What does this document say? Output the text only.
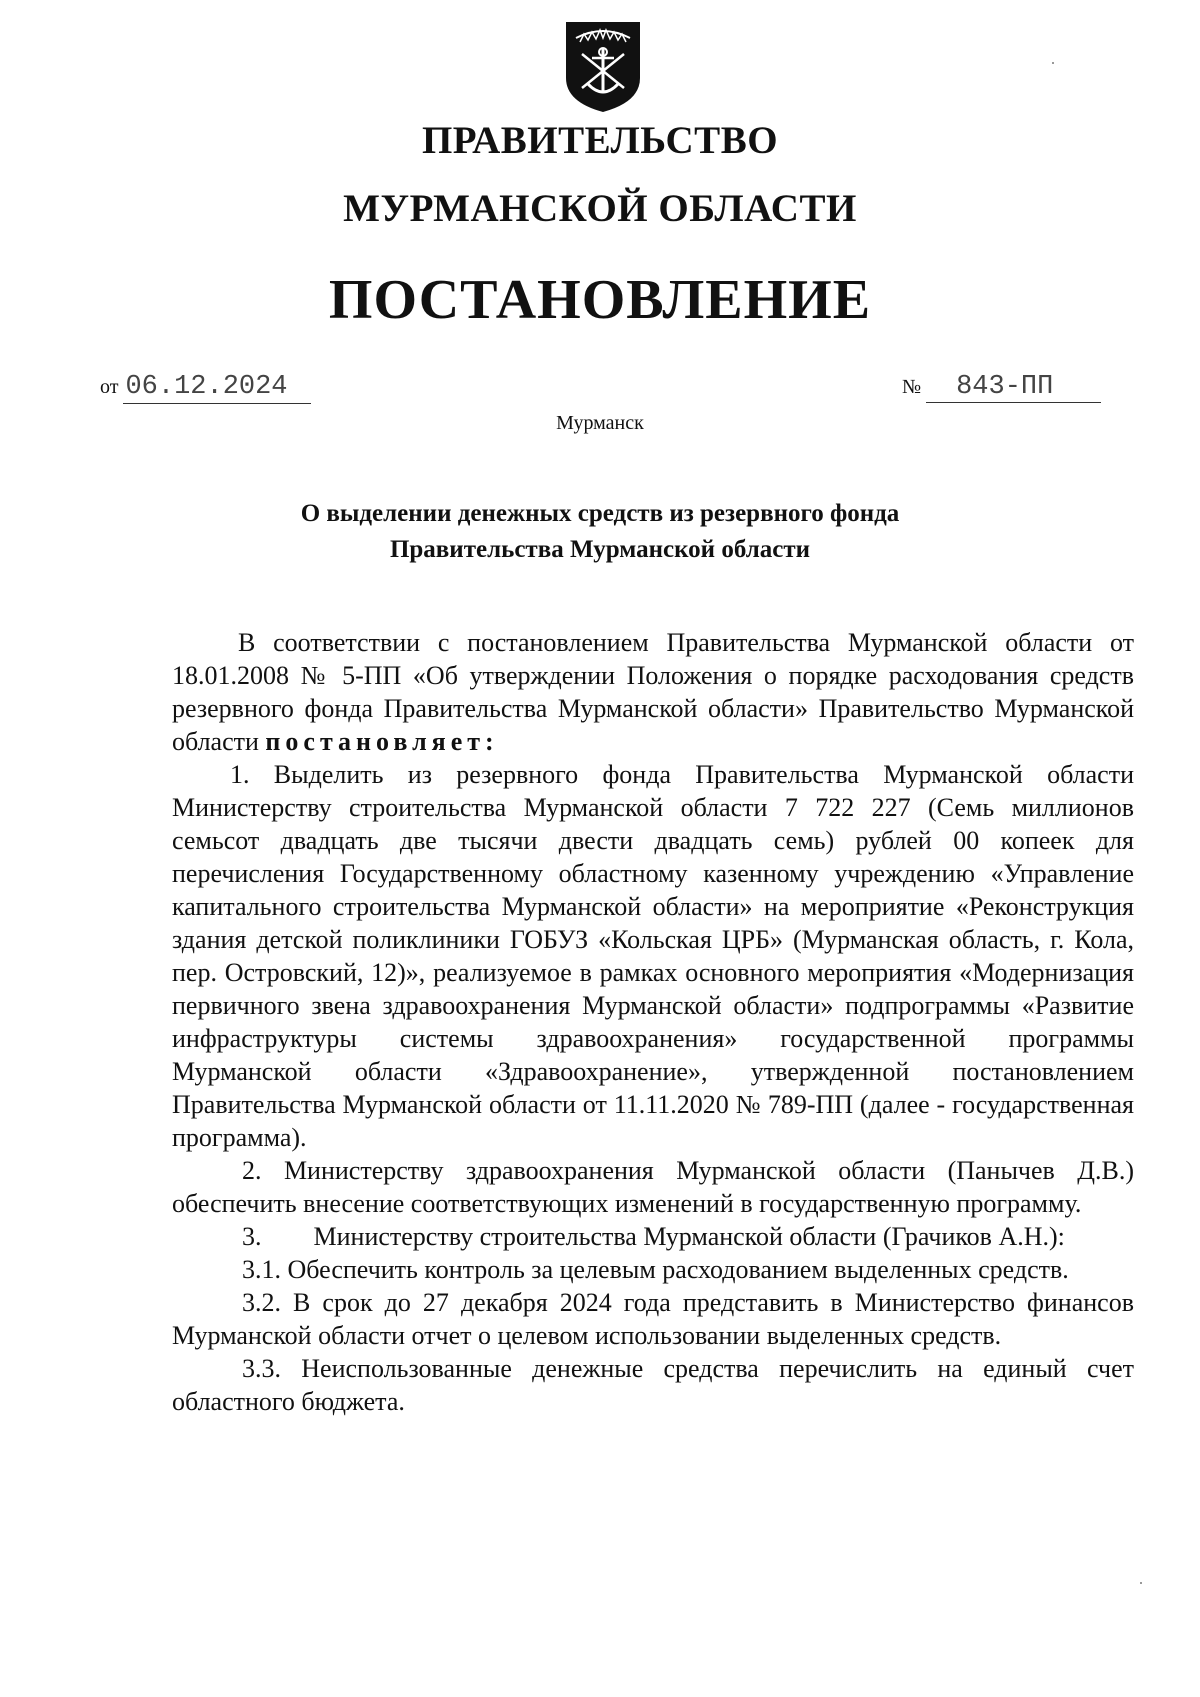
ПРАВИТЕЛЬСТВО
МУРМАНСКОЙ ОБЛАСТИ
ПОСТАНОВЛЕНИЕ
от 06.12.2024	№ 843-ПП
Мурманск
О выделении денежных средств из резервного фонда
Правительства Мурманской области

В соответствии с постановлением Правительства Мурманской области от 18.01.2008 № 5-ПП «Об утверждении Положения о порядке расходования средств резервного фонда Правительства Мурманской области» Правительство Мурманской области постановляет:

1. Выделить из резервного фонда Правительства Мурманской области Министерству строительства Мурманской области 7 722 227 (Семь миллионов семьсот двадцать две тысячи двести двадцать семь) рублей 00 копеек для перечисления Государственному областному казенному учреждению «Управление капитального строительства Мурманской области» на мероприятие «Реконструкция здания детской поликлиники ГОБУЗ «Кольская ЦРБ» (Мурманская область, г. Кола, пер. Островский, 12)», реализуемое в рамках основного мероприятия «Модернизация первичного звена здравоохранения Мурманской области» подпрограммы «Развитие инфраструктуры системы здравоохранения» государственной программы Мурманской области «Здравоохранение», утвержденной постановлением Правительства Мурманской области от 11.11.2020 № 789-ПП (далее - государственная программа).

2. Министерству здравоохранения Мурманской области (Панычев Д.В.) обеспечить внесение соответствующих изменений в государственную программу.

3.        Министерству строительства Мурманской области (Грачиков А.Н.):

3.1. Обеспечить контроль за целевым расходованием выделенных средств.

3.2. В срок до 27 декабря 2024 года представить в Министерство финансов Мурманской области отчет о целевом использовании выделенных средств.

3.3. Неиспользованные денежные средства перечислить на единый счет областного бюджета.
